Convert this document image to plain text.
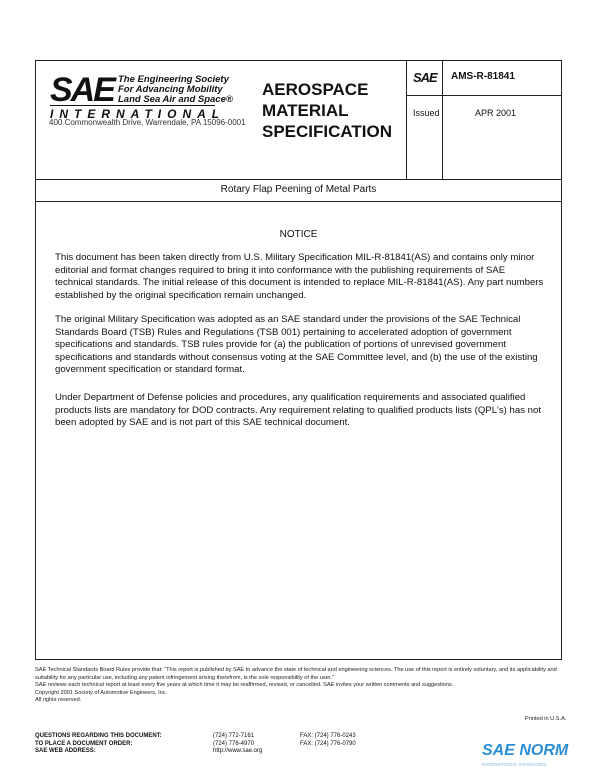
SAE The Engineering Society
For Advancing Mobility
Land Sea Air and Space®
INTERNATIONAL
400 Commonwealth Drive, Warrendale, PA 15096-0001
AEROSPACE
MATERIAL
SPECIFICATION
SAE AMS-R-81841
Issued	APR 2001
Rotary Flap Peening of Metal Parts
NOTICE

This document has been taken directly from U.S. Military Specification MIL-R-81841(AS) and contains only minor editorial and format changes required to bring it into conformance with the publishing requirements of SAE technical standards. The initial release of this document is intended to replace MIL-R-81841(AS). Any part numbers established by the original specification remain unchanged.

The original Military Specification was adopted as an SAE standard under the provisions of the SAE Technical Standards Board (TSB) Rules and Regulations (TSB 001) pertaining to accelerated adoption of government specifications and standards. TSB rules provide for (a) the publication of portions of unrevised government specifications and standards without consensus voting at the SAE Committee level, and (b) the use of the existing government specification or standard format.

Under Department of Defense policies and procedures, any qualification requirements and associated qualified products lists are mandatory for DOD contracts. Any requirement relating to qualified products lists (QPL's) has not been adopted by SAE and is not part of this SAE technical document.

SAE Technical Standards Board Rules provide that: “This report is published by SAE to advance the state of technical and engineering sciences. The use of this report is entirely voluntary, and its applicability and suitability for any particular use, including any patent infringement arising therefrom, is the sole responsibility of the user.”

SAE reviews each technical report at least every five years at which time it may be reaffirmed, revised, or cancelled. SAE invites your written comments and suggestions.

Copyright 2001 Society of Automotive Engineers, Inc.

All rights reserved.

Printed in U.S.A.
QUESTIONS REGARDING THIS DOCUMENT:	(724) 772-7161	FAX: (724) 776-0243
TO PLACE A DOCUMENT ORDER:	(724) 776-4970	FAX: (724) 776-0790
SAE WEB ADDRESS:	http://www.sae.org	SAE NORM
INTERNATIONAL STANDARDS
